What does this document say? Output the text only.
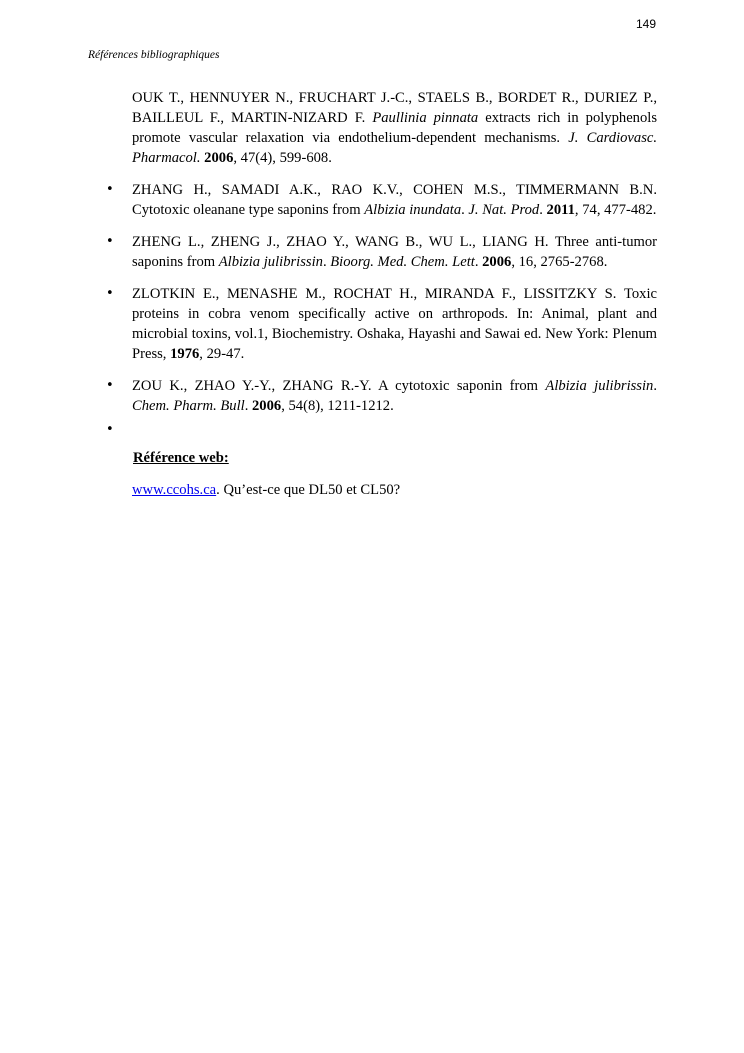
149
Références bibliographiques
OUK T., HENNUYER N., FRUCHART J.-C., STAELS B., BORDET R., DURIEZ P., BAILLEUL F., MARTIN-NIZARD F. Paullinia pinnata extracts rich in polyphenols promote vascular relaxation via endothelium-dependent mechanisms. J. Cardiovasc. Pharmacol. 2006, 47(4), 599-608.
• ZHANG H., SAMADI A.K., RAO K.V., COHEN M.S., TIMMERMANN B.N. Cytotoxic oleanane type saponins from Albizia inundata. J. Nat. Prod. 2011, 74, 477-482.
• ZHENG L., ZHENG J., ZHAO Y., WANG B., WU L., LIANG H. Three anti-tumor saponins from Albizia julibrissin. Bioorg. Med. Chem. Lett. 2006, 16, 2765-2768.
• ZLOTKIN E., MENASHE M., ROCHAT H., MIRANDA F., LISSITZKY S. Toxic proteins in cobra venom specifically active on arthropods. In: Animal, plant and microbial toxins, vol.1, Biochemistry. Oshaka, Hayashi and Sawai ed. New York: Plenum Press, 1976, 29-47.
• ZOU K., ZHAO Y.-Y., ZHANG R.-Y. A cytotoxic saponin from Albizia julibrissin. Chem. Pharm. Bull. 2006, 54(8), 1211-1212.
•
Référence web:

www.ccohs.ca. Qu’est-ce que DL50 et CL50?
